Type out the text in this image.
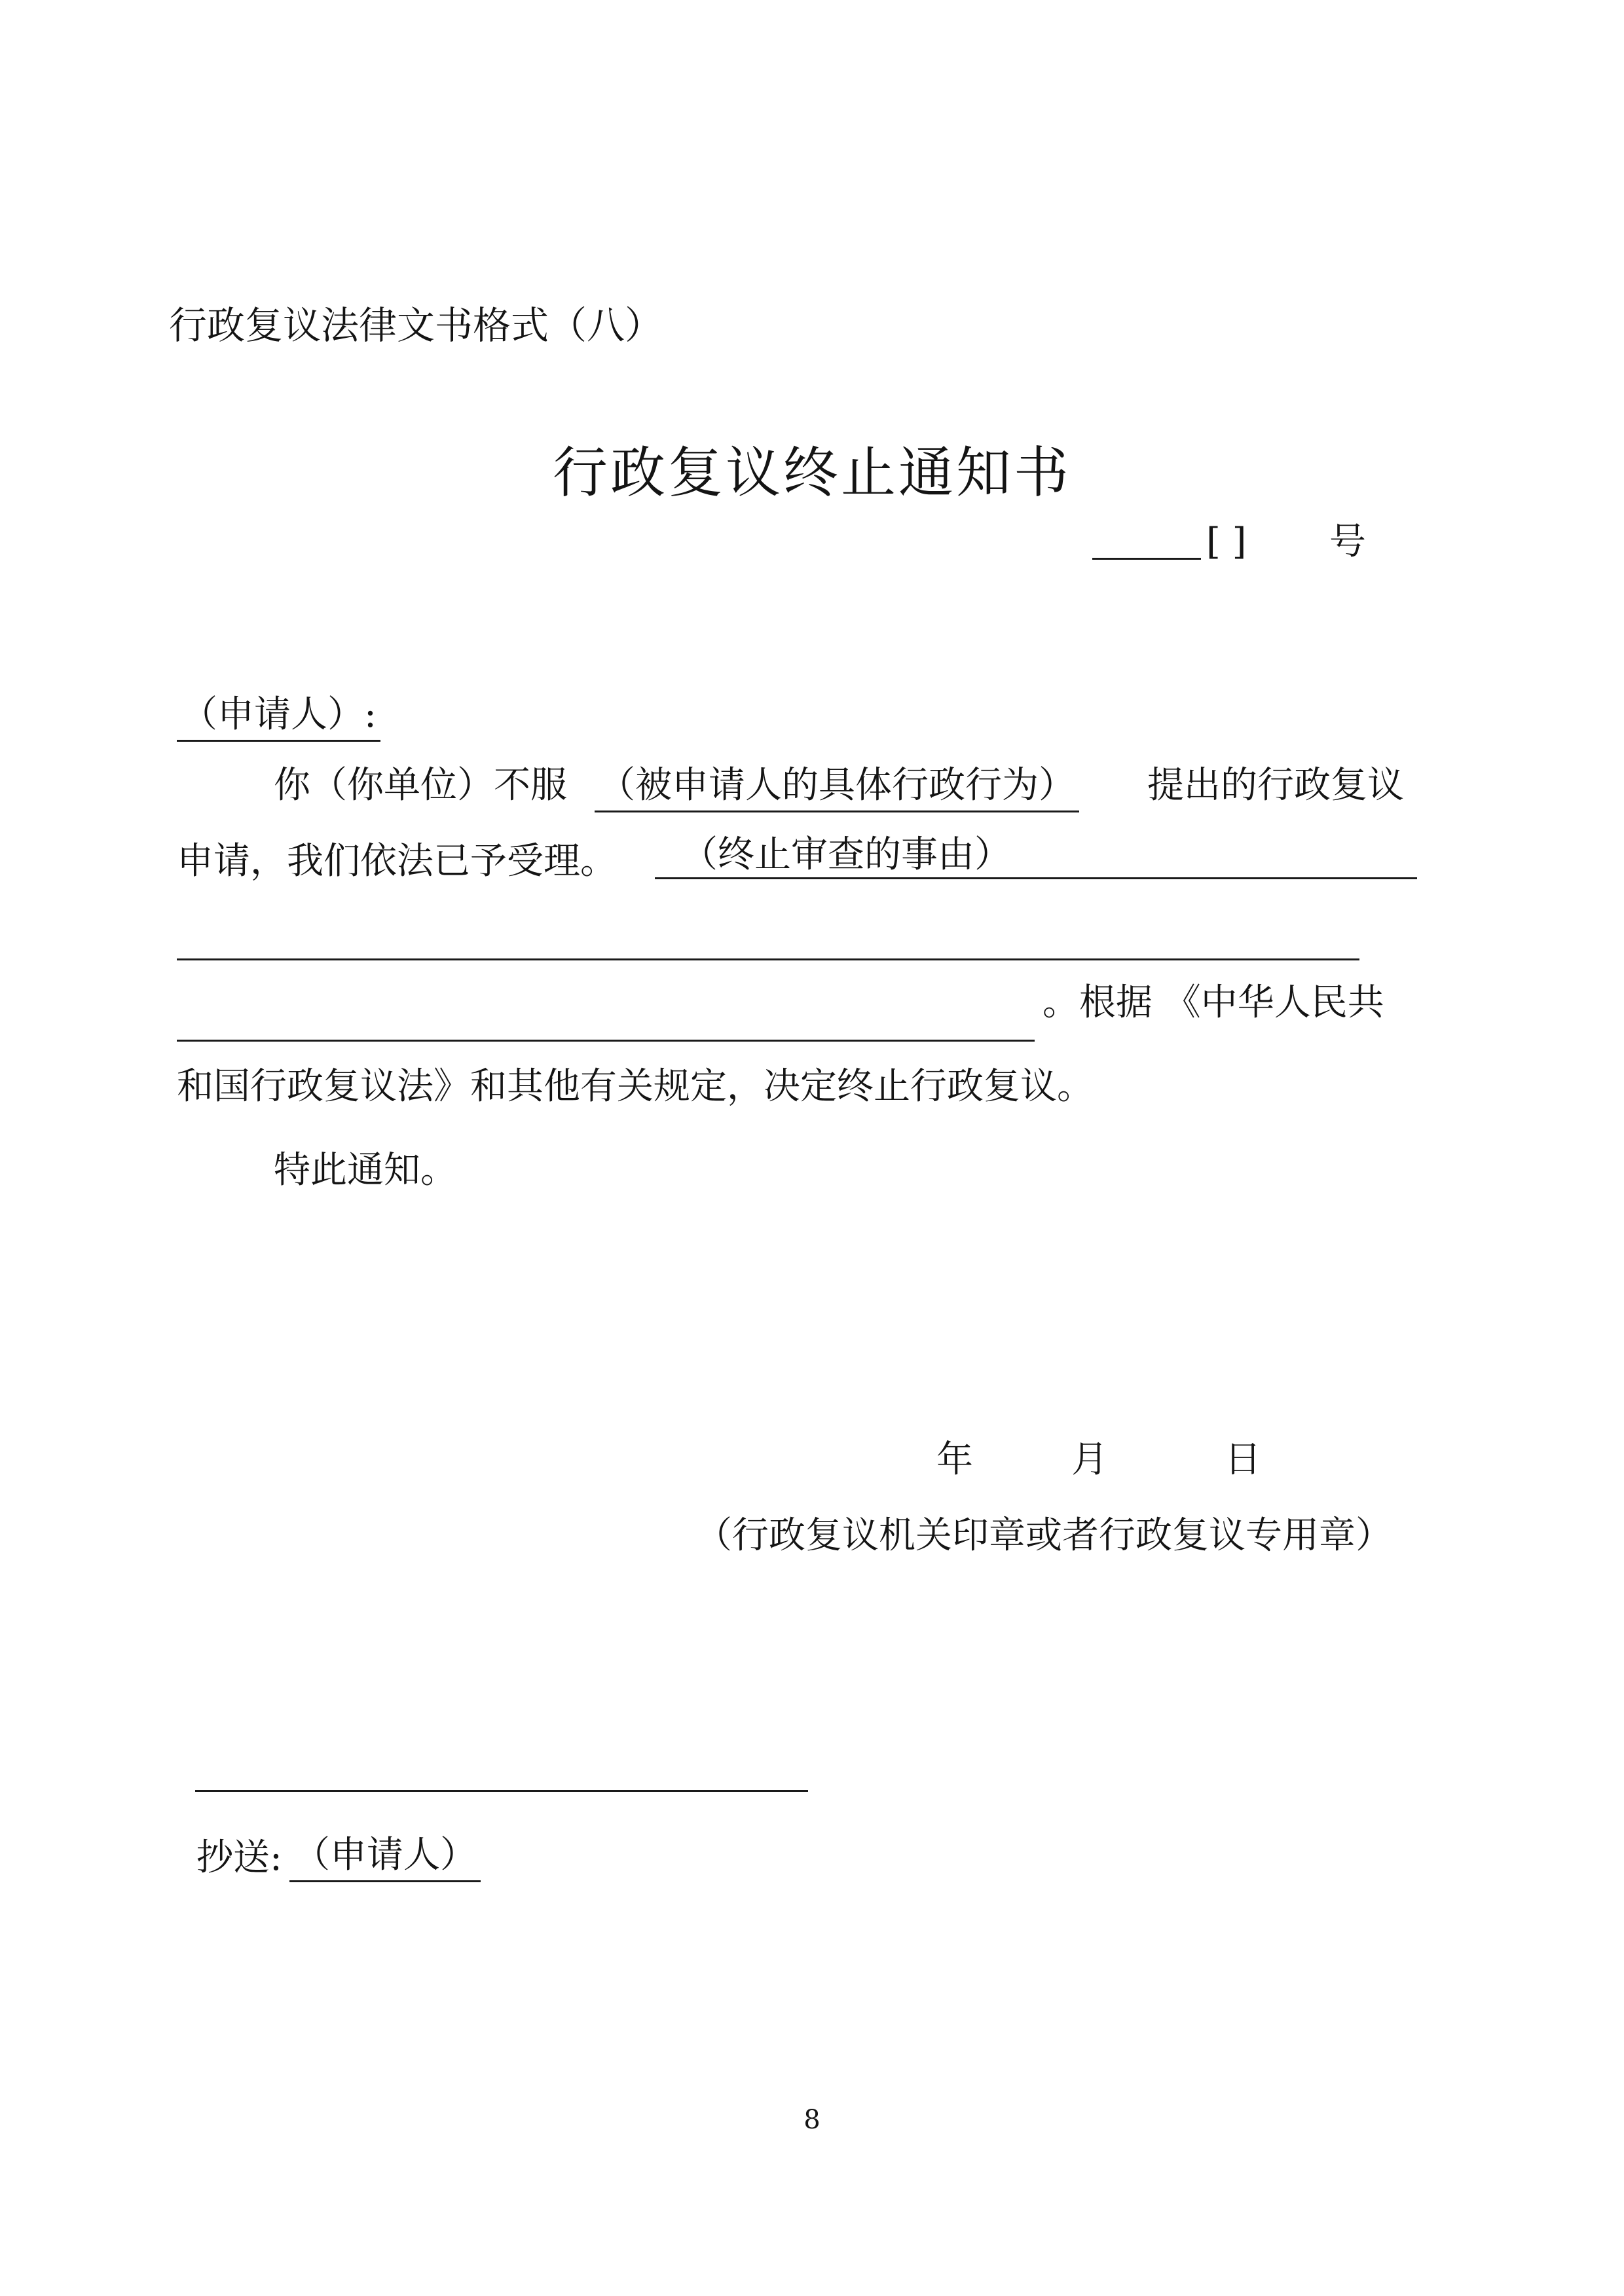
行政复议法律文书格式（八）
行政复议终止通知书
[ ] 号
（申请人）:
你（你单位）不服 （被申请人的具体行政行为） 提出的行政复议
申请，我们依法已予受理。 （终止审查的事由）
。根据 《中华人民共
和国行政复议法》和其他有关规定，决定终止行政复议。
特此通知。
年	月	日
（行政复议机关印章或者行政复议专用章）
抄送: （申请人）
8
